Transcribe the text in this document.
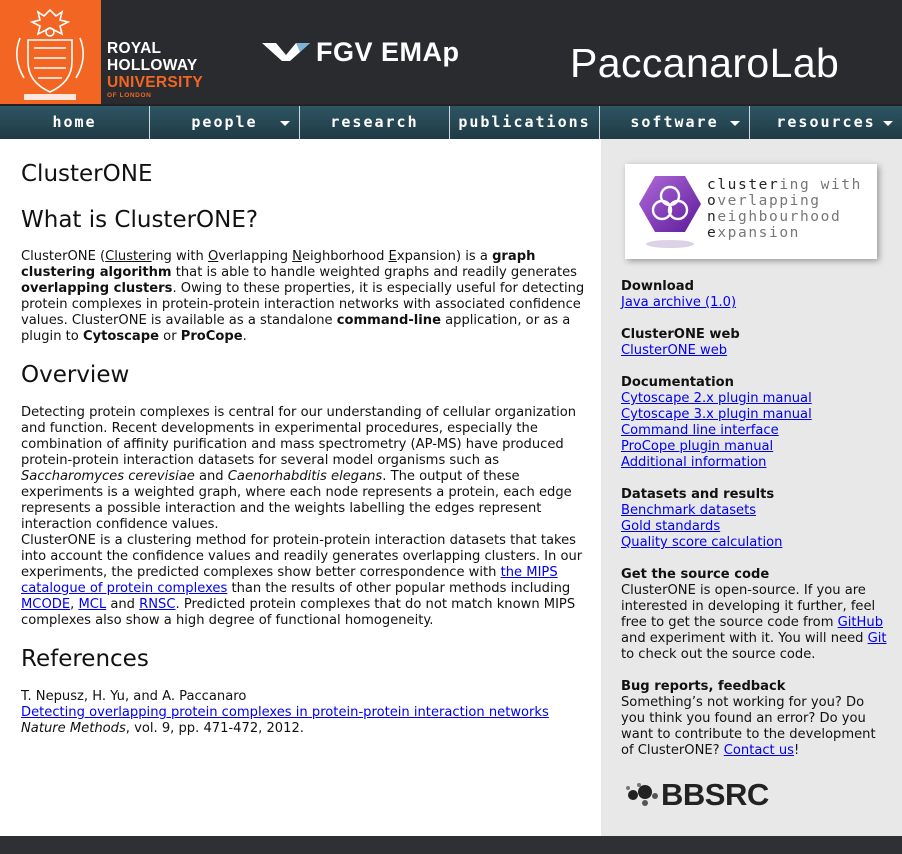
ROYAL
HOLLOWAY
UNIVERSITY
OF LONDON
FGV EMAp	PaccanaroLab
home	people	research	publications	software	resources
ClusterONE
What is ClusterONE?

ClusterONE (Clustering with Overlapping Neighborhood Expansion) is a graph clustering algorithm that is able to handle weighted graphs and readily generates overlapping clusters. Owing to these properties, it is especially useful for detecting protein complexes in protein-protein interaction networks with associated confidence values. ClusterONE is available as a standalone command-line application, or as a plugin to Cytoscape or ProCope.

Overview

Detecting protein complexes is central for our understanding of cellular organization and function. Recent developments in experimental procedures, especially the combination of affinity purification and mass spectrometry (AP-MS) have produced protein-protein interaction datasets for several model organisms such as Saccharomyces cerevisiae and Caenorhabditis elegans. The output of these experiments is a weighted graph, where each node represents a protein, each edge represents a possible interaction and the weights labelling the edges represent interaction confidence values.

ClusterONE is a clustering method for protein-protein interaction datasets that takes into account the confidence values and readily generates overlapping clusters. In our experiments, the predicted complexes show better correspondence with the MIPS catalogue of protein complexes than the results of other popular methods including MCODE, MCL and RNSC. Predicted protein complexes that do not match known MIPS complexes also show a high degree of functional homogeneity.

References

T. Nepusz, H. Yu, and A. Paccanaro
Detecting overlapping protein complexes in protein-protein interaction networks
Nature Methods, vol. 9, pp. 471-472, 2012.

clustering with
overlapping
neighbourhood
expansion
Download
Java archive (1.0)
ClusterONE web
ClusterONE web
Documentation
Cytoscape 2.x plugin manual
Cytoscape 3.x plugin manual
Command line interface
ProCope plugin manual
Additional information
Datasets and results
Benchmark datasets
Gold standards
Quality score calculation
Get the source code
ClusterONE is open-source. If you are interested in developing it further, feel free to get the source code from GitHub and experiment with it. You will need Git to check out the source code.
Bug reports, feedback
Something’s not working for you? Do you think you found an error? Do you want to contribute to the development of ClusterONE? Contact us!
BBSRC
